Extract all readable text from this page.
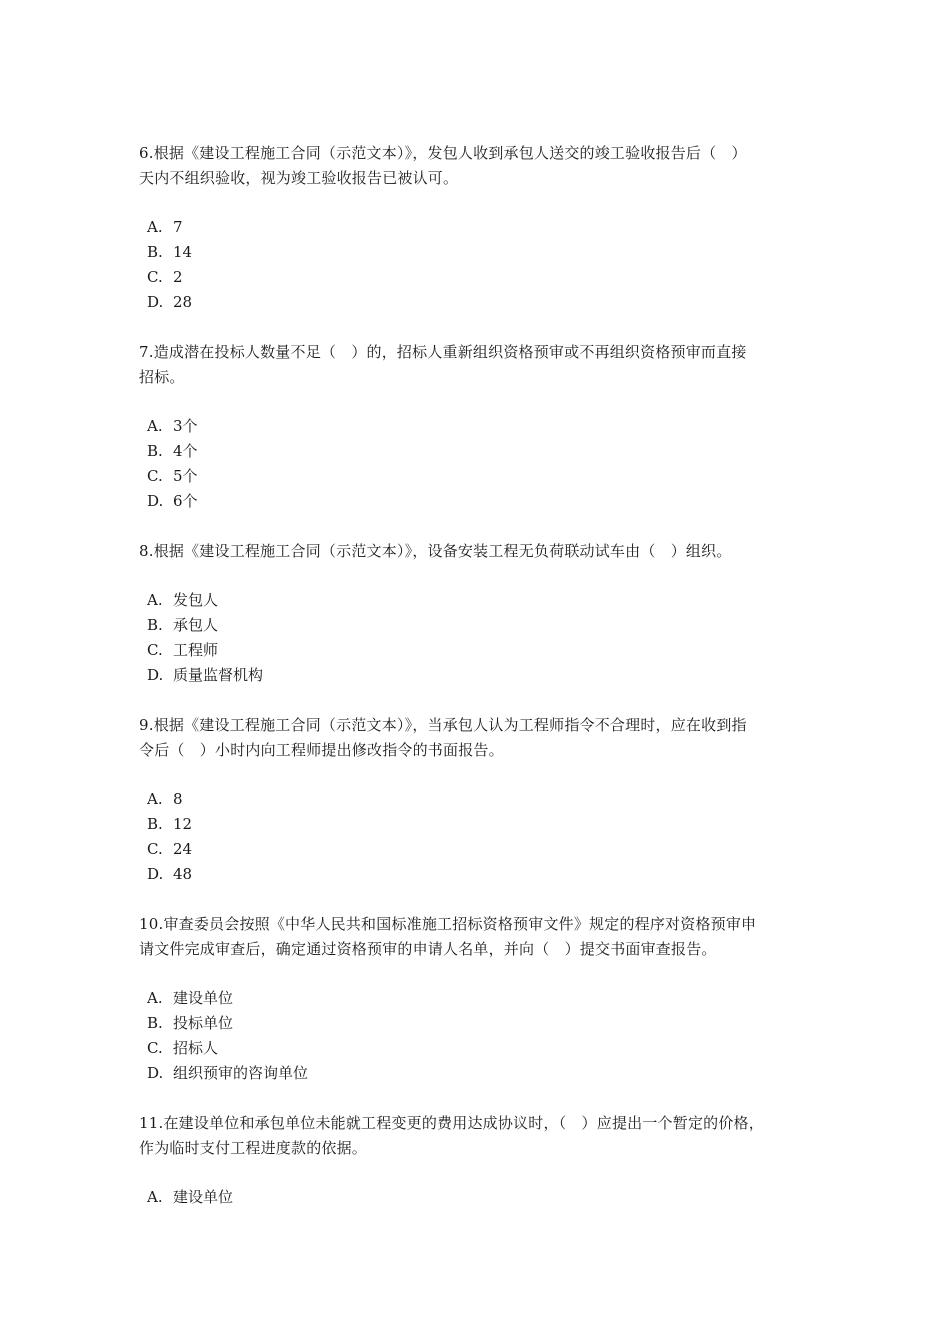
6.根据《建设工程施工合同（示范文本）》，发包人收到承包人送交的竣工验收报告后（　）
天内不组织验收，视为竣工验收报告已被认可。

A. 7
B. 14
C. 2
D. 28

7.造成潜在投标人数量不足（　）的，招标人重新组织资格预审或不再组织资格预审而直接
招标。

A. 3个
B. 4个
C. 5个
D. 6个

8.根据《建设工程施工合同（示范文本）》，设备安装工程无负荷联动试车由（　）组织。

A. 发包人
B. 承包人
C. 工程师
D. 质量监督机构

9.根据《建设工程施工合同（示范文本）》，当承包人认为工程师指令不合理时，应在收到指
令后（　）小时内向工程师提出修改指令的书面报告。

A. 8
B. 12
C. 24
D. 48

10.审查委员会按照《中华人民共和国标准施工招标资格预审文件》规定的程序对资格预审申
请文件完成审查后，确定通过资格预审的申请人名单，并向（　）提交书面审查报告。

A. 建设单位
B. 投标单位
C. 招标人
D. 组织预审的咨询单位

11.在建设单位和承包单位未能就工程变更的费用达成协议时，（　）应提出一个暂定的价格，
作为临时支付工程进度款的依据。

A. 建设单位
